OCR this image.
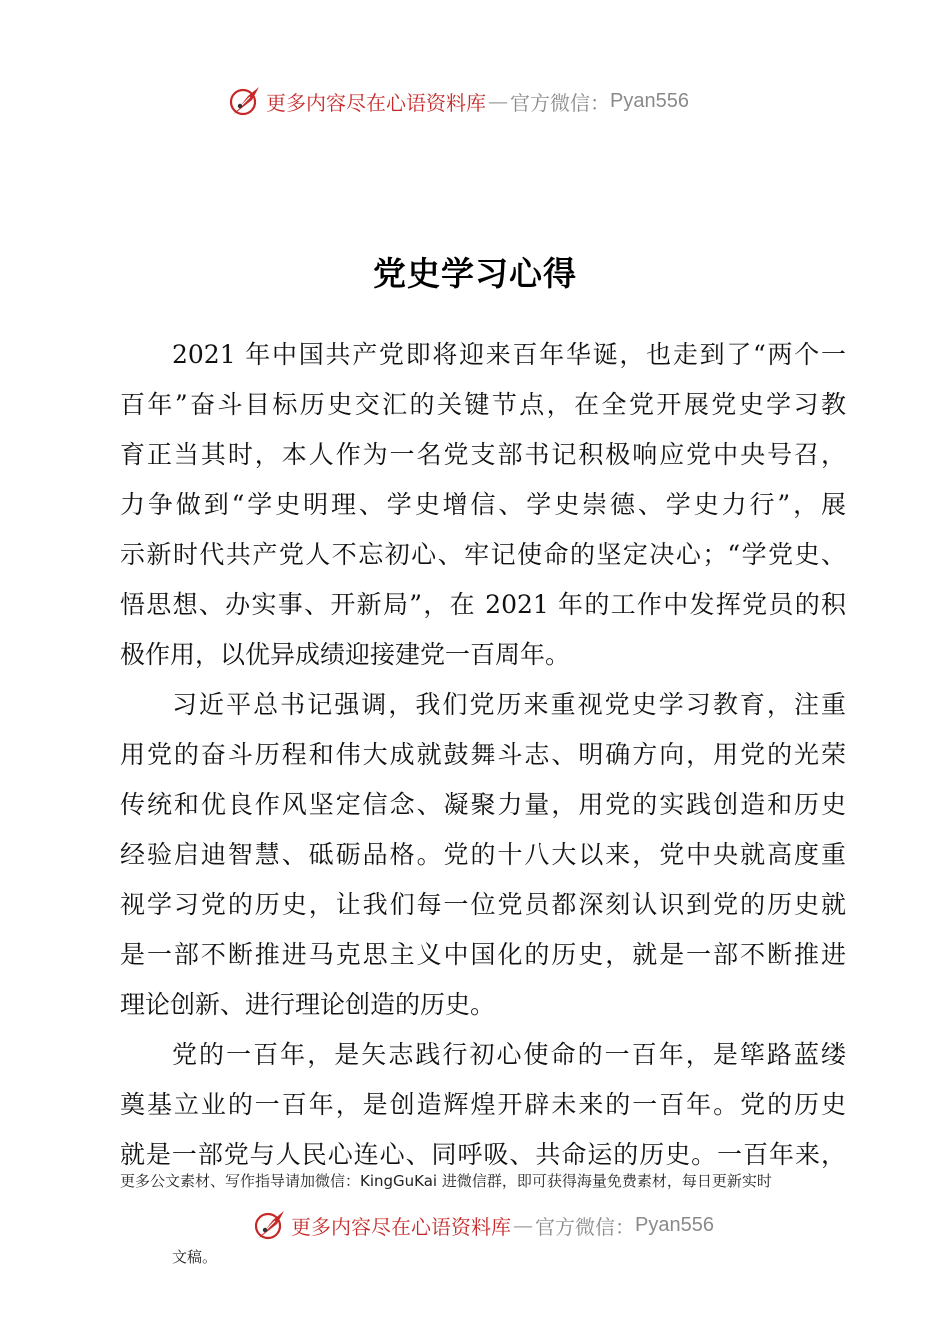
更多内容尽在心语资料库 — 官方微信： Pyan556
党史学习心得
2021 年中国共产党即将迎来百年华诞，也走到了“两个一
百年”奋斗目标历史交汇的关键节点，在全党开展党史学习教
育正当其时，本人作为一名党支部书记积极响应党中央号召，
力争做到“学史明理、学史增信、学史崇德、学史力行”，展
示新时代共产党人不忘初心、牢记使命的坚定决心；“学党史、
悟思想、办实事、开新局”，在 2021 年的工作中发挥党员的积
极作用，以优异成绩迎接建党一百周年。
习近平总书记强调，我们党历来重视党史学习教育，注重
用党的奋斗历程和伟大成就鼓舞斗志、明确方向，用党的光荣
传统和优良作风坚定信念、凝聚力量，用党的实践创造和历史
经验启迪智慧、砥砺品格。党的十八大以来，党中央就高度重
视学习党的历史，让我们每一位党员都深刻认识到党的历史就
是一部不断推进马克思主义中国化的历史，就是一部不断推进
理论创新、进行理论创造的历史。
党的一百年，是矢志践行初心使命的一百年，是筚路蓝缕
奠基立业的一百年，是创造辉煌开辟未来的一百年。党的历史
就是一部党与人民心连心、同呼吸、共命运的历史。一百年来，
更多公文素材、写作指导请加微信：KingGuKai 进微信群，即可获得海量免费素材，每日更新实时
更多内容尽在心语资料库 — 官方微信： Pyan556
文稿。
